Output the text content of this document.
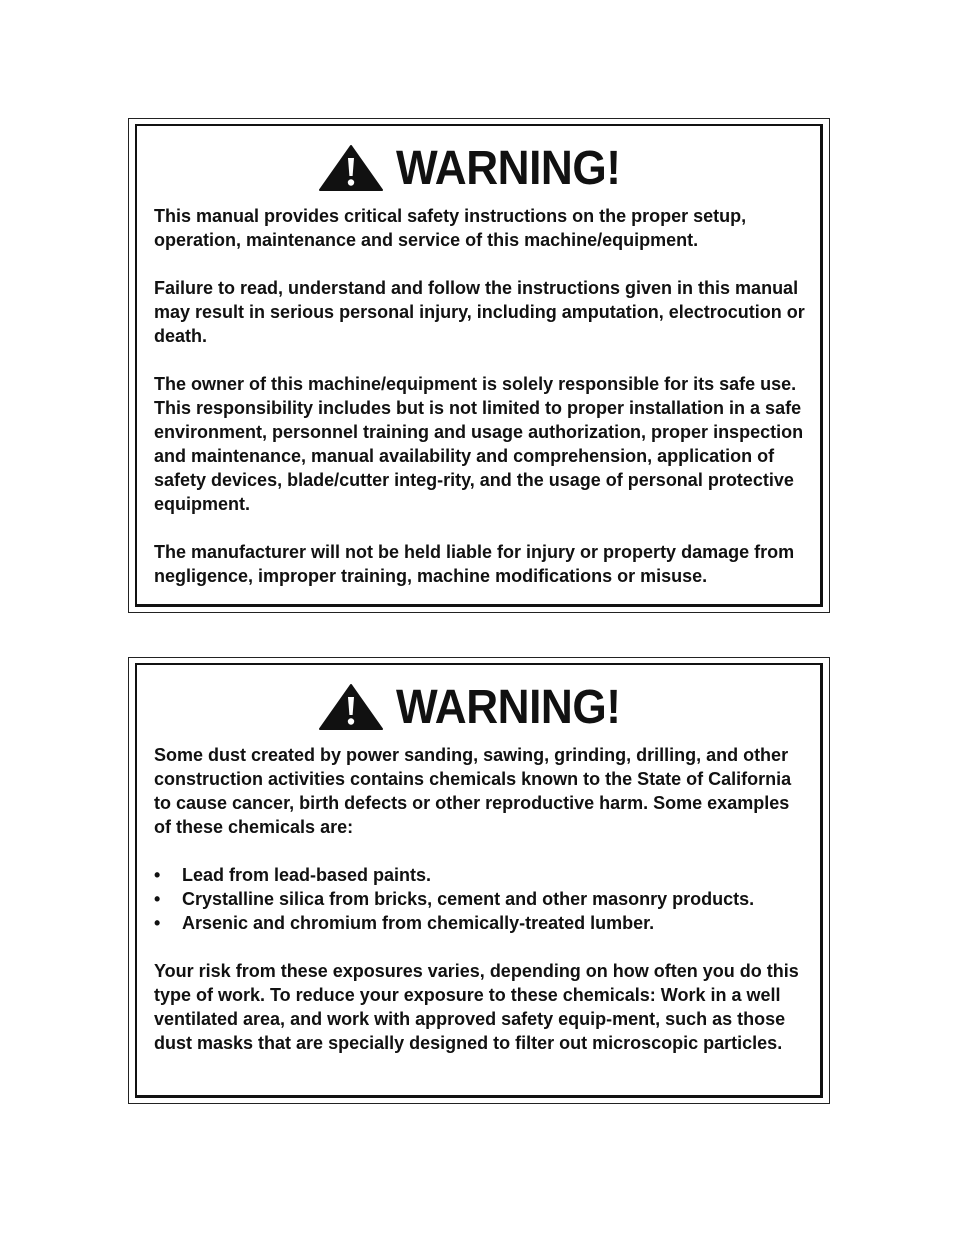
WARNING!

This manual provides critical safety instructions on the proper setup, operation, maintenance and service of this machine/equipment.

Failure to read, understand and follow the instructions given in this manual may result in serious personal injury, including amputation, electrocution or death.

The owner of this machine/equipment is solely responsible for its safe use. This responsibility includes but is not limited to proper installation in a safe environment, personnel training and usage authorization, proper inspection and maintenance, manual availability and comprehension, application of safety devices, blade/cutter integ-rity, and the usage of personal protective equipment.

The manufacturer will not be held liable for injury or property damage from negligence, improper training, machine modifications or misuse.

WARNING!

Some dust created by power sanding, sawing, grinding, drilling, and other construction activities contains chemicals known to the State of California to cause cancer, birth defects or other reproductive harm. Some examples of these chemicals are:

• Lead from lead-based paints.
• Crystalline silica from bricks, cement and other masonry products.
• Arsenic and chromium from chemically-treated lumber.

Your risk from these exposures varies, depending on how often you do this type of work. To reduce your exposure to these chemicals: Work in a well ventilated area, and work with approved safety equip-ment, such as those dust masks that are specially designed to filter out microscopic particles.
